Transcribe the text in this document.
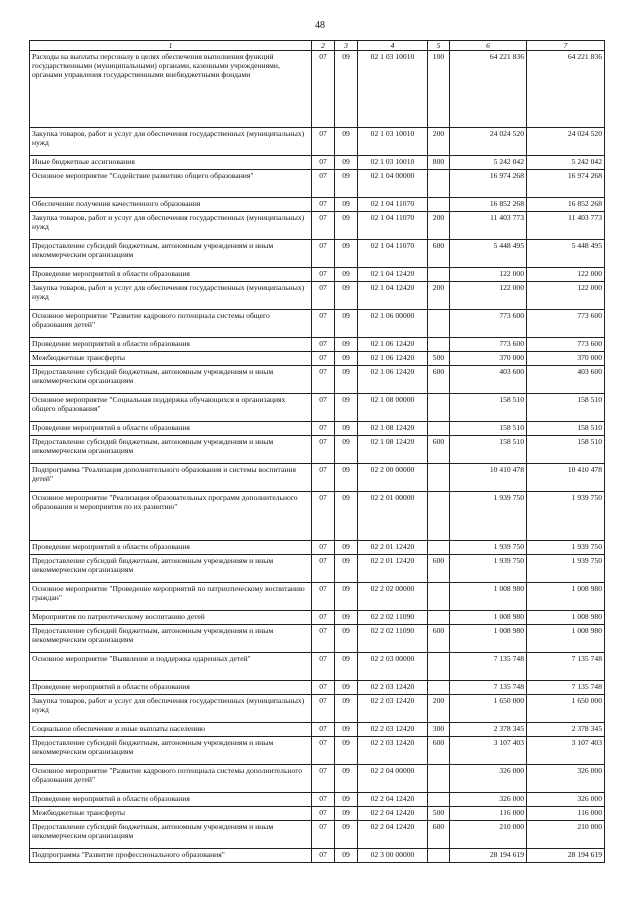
48
1	2	3	4	5	6	7
Расходы на выплаты персоналу в целях обеспечения выполнения функций государственными (муниципальными) органами, казенными учреждениями, органами управления государственными внебюджетными фондами	07	09	02 1 03 10010	100	64 221 836	64 221 836
Закупка товаров, работ и услуг для обеспечения государственных (муниципальных) нужд	07	09	02 1 03 10010	200	24 024 520	24 024 520
Иные бюджетные ассигнования	07	09	02 1 03 10010	800	5 242 042	5 242 042
Основное мероприятие "Содействие развитию общего образования"	07	09	02 1 04 00000		16 974 268	16 974 268
Обеспечение получения качественного образования	07	09	02 1 04 11070		16 852 268	16 852 268
Закупка товаров, работ и услуг для обеспечения государственных (муниципальных) нужд	07	09	02 1 04 11070	200	11 403 773	11 403 773
Предоставление субсидий бюджетным, автономным учреждениям и иным некоммерческим организациям	07	09	02 1 04 11070	600	5 448 495	5 448 495
Проведение мероприятий в области образования	07	09	02 1 04 12420		122 000	122 000
Закупка товаров, работ и услуг для обеспечения государственных (муниципальных) нужд	07	09	02 1 04 12420	200	122 000	122 000
Основное мероприятие "Развитие кадрового потенциала системы общего образования детей"	07	09	02 1 06 00000		773 600	773 600
Проведение мероприятий в области образования	07	09	02 1 06 12420		773 600	773 600
Межбюджетные трансферты	07	09	02 1 06 12420	500	370 000	370 000
Предоставление субсидий бюджетным, автономным учреждениям и иным некоммерческим организациям	07	09	02 1 06 12420	600	403 600	403 600
Основное мероприятие "Социальная поддержка обучающихся в организациях общего образования"	07	09	02 1 08 00000		158 510	158 510
Проведение мероприятий в области образования	07	09	02 1 08 12420		158 510	158 510
Предоставление субсидий бюджетным, автономным учреждениям и иным некоммерческим организациям	07	09	02 1 08 12420	600	158 510	158 510
Подпрограмма "Реализация дополнительного образования и системы воспитания детей"	07	09	02 2 00 00000		10 410 478	10 410 478
Основное мероприятие "Реализация образовательных программ дополнительного образования и мероприятия по их развитию"	07	09	02 2 01 00000		1 939 750	1 939 750
Проведение мероприятий в области образования	07	09	02 2 01 12420		1 939 750	1 939 750
Предоставление субсидий бюджетным, автономным учреждениям и иным некоммерческим организациям	07	09	02 2 01 12420	600	1 939 750	1 939 750
Основное мероприятие "Проведение мероприятий по патриотическому воспитанию граждан"	07	09	02 2 02 00000		1 008 980	1 008 980
Мероприятия по патриотическому воспитанию детей	07	09	02 2 02 11090		1 008 980	1 008 980
Предоставление субсидий бюджетным, автономным учреждениям и иным некоммерческим организациям	07	09	02 2 02 11090	600	1 008 980	1 008 980
Основное мероприятие "Выявление и поддержка одаренных детей"	07	09	02 2 03 00000		7 135 748	7 135 748
Проведение мероприятий в области образования	07	09	02 2 03 12420		7 135 748	7 135 748
Закупка товаров, работ и услуг для обеспечения государственных (муниципальных) нужд	07	09	02 2 03 12420	200	1 650 000	1 650 000
Социальное обеспечение и иные выплаты населению	07	09	02 2 03 12420	300	2 378 345	2 378 345
Предоставление субсидий бюджетным, автономным учреждениям и иным некоммерческим организациям	07	09	02 2 03 12420	600	3 107 403	3 107 403
Основное мероприятие "Развитие кадрового потенциала системы дополнительного образования детей"	07	09	02 2 04 00000		326 000	326 000
Проведение мероприятий в области образования	07	09	02 2 04 12420		326 000	326 000
Межбюджетные трансферты	07	09	02 2 04 12420	500	116 000	116 000
Предоставление субсидий бюджетным, автономным учреждениям и иным некоммерческим организациям	07	09	02 2 04 12420	600	210 000	210 000
Подпрограмма "Развитие профессионального образования"	07	09	02 3 00 00000		28 194 619	28 194 619
